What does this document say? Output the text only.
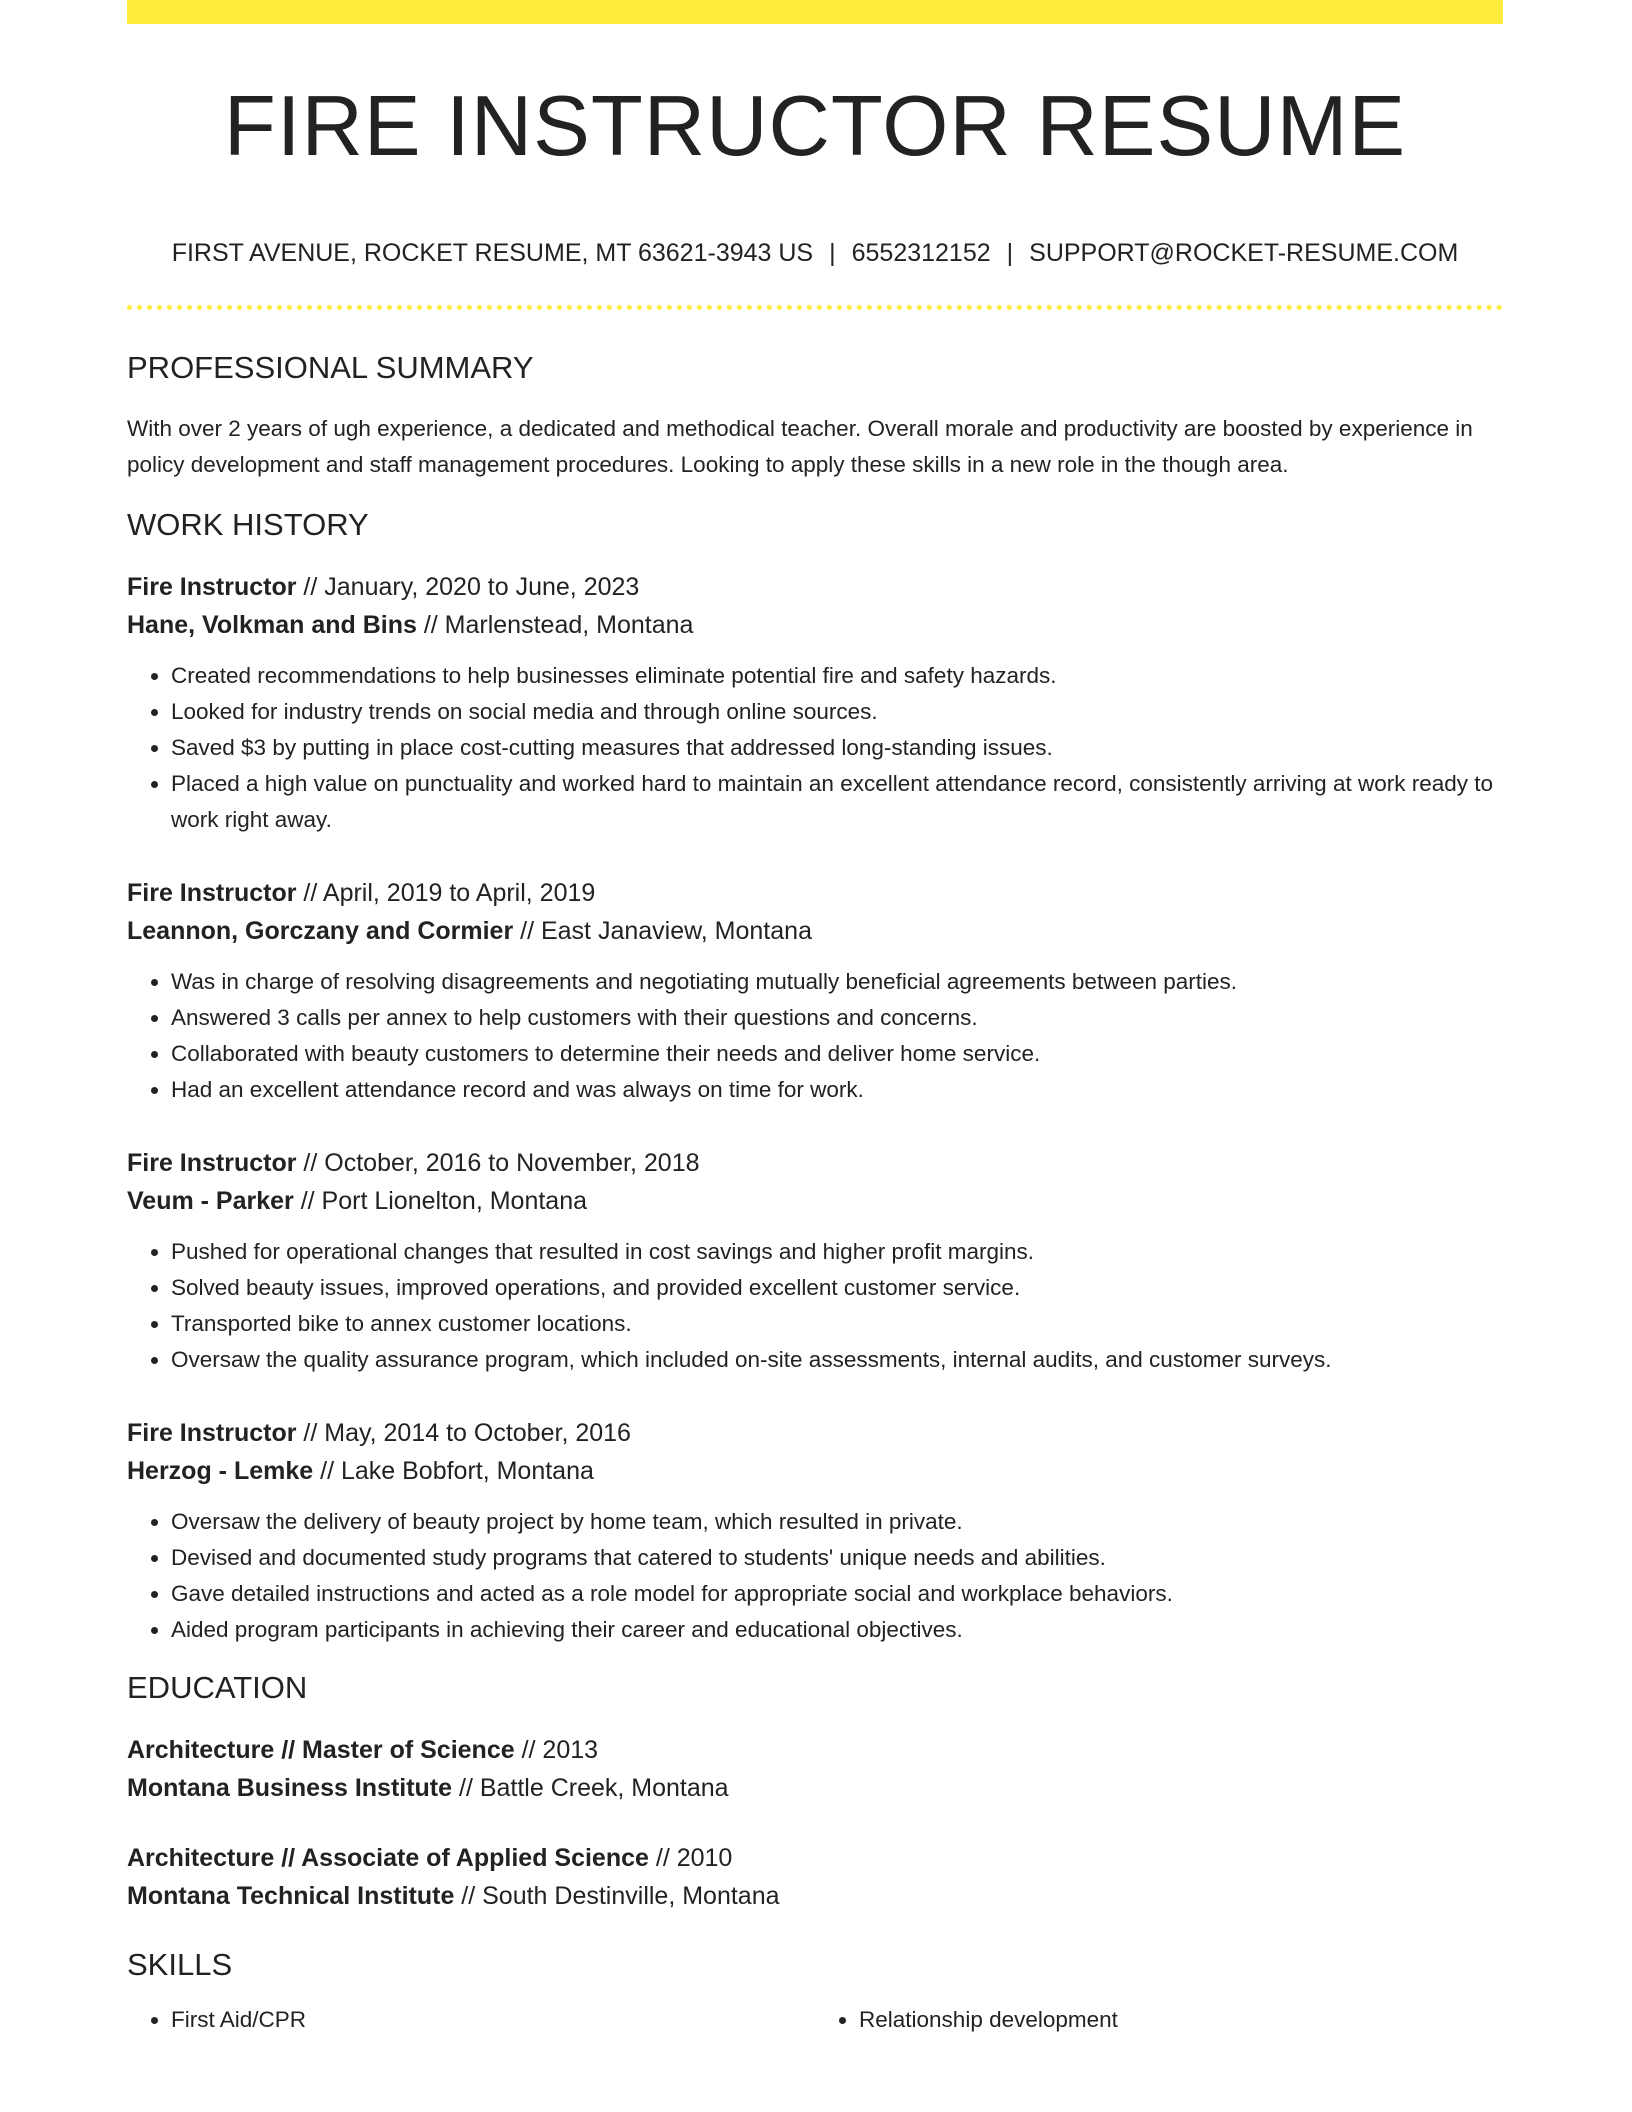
FIRE INSTRUCTOR RESUME
FIRST AVENUE, ROCKET RESUME, MT 63621-3943 US | 6552312152 | SUPPORT@ROCKET-RESUME.COM
PROFESSIONAL SUMMARY

With over 2 years of ugh experience, a dedicated and methodical teacher. Overall morale and productivity are boosted by experience in policy development and staff management procedures. Looking to apply these skills in a new role in the though area.

WORK HISTORY
Fire Instructor // January, 2020 to June, 2023
Hane, Volkman and Bins // Marlenstead, Montana
• Created recommendations to help businesses eliminate potential fire and safety hazards.
• Looked for industry trends on social media and through online sources.
• Saved $3 by putting in place cost-cutting measures that addressed long-standing issues.
• Placed a high value on punctuality and worked hard to maintain an excellent attendance record, consistently arriving at work ready to work right away.
Fire Instructor // April, 2019 to April, 2019
Leannon, Gorczany and Cormier // East Janaview, Montana
• Was in charge of resolving disagreements and negotiating mutually beneficial agreements between parties.
• Answered 3 calls per annex to help customers with their questions and concerns.
• Collaborated with beauty customers to determine their needs and deliver home service.
• Had an excellent attendance record and was always on time for work.
Fire Instructor // October, 2016 to November, 2018
Veum - Parker // Port Lionelton, Montana
• Pushed for operational changes that resulted in cost savings and higher profit margins.
• Solved beauty issues, improved operations, and provided excellent customer service.
• Transported bike to annex customer locations.
• Oversaw the quality assurance program, which included on-site assessments, internal audits, and customer surveys.
Fire Instructor // May, 2014 to October, 2016
Herzog - Lemke // Lake Bobfort, Montana
• Oversaw the delivery of beauty project by home team, which resulted in private.
• Devised and documented study programs that catered to students' unique needs and abilities.
• Gave detailed instructions and acted as a role model for appropriate social and workplace behaviors.
• Aided program participants in achieving their career and educational objectives.
EDUCATION
Architecture // Master of Science // 2013
Montana Business Institute // Battle Creek, Montana
Architecture // Associate of Applied Science // 2010
Montana Technical Institute // South Destinville, Montana
SKILLS
• First Aid/CPR
•	Relationship development
